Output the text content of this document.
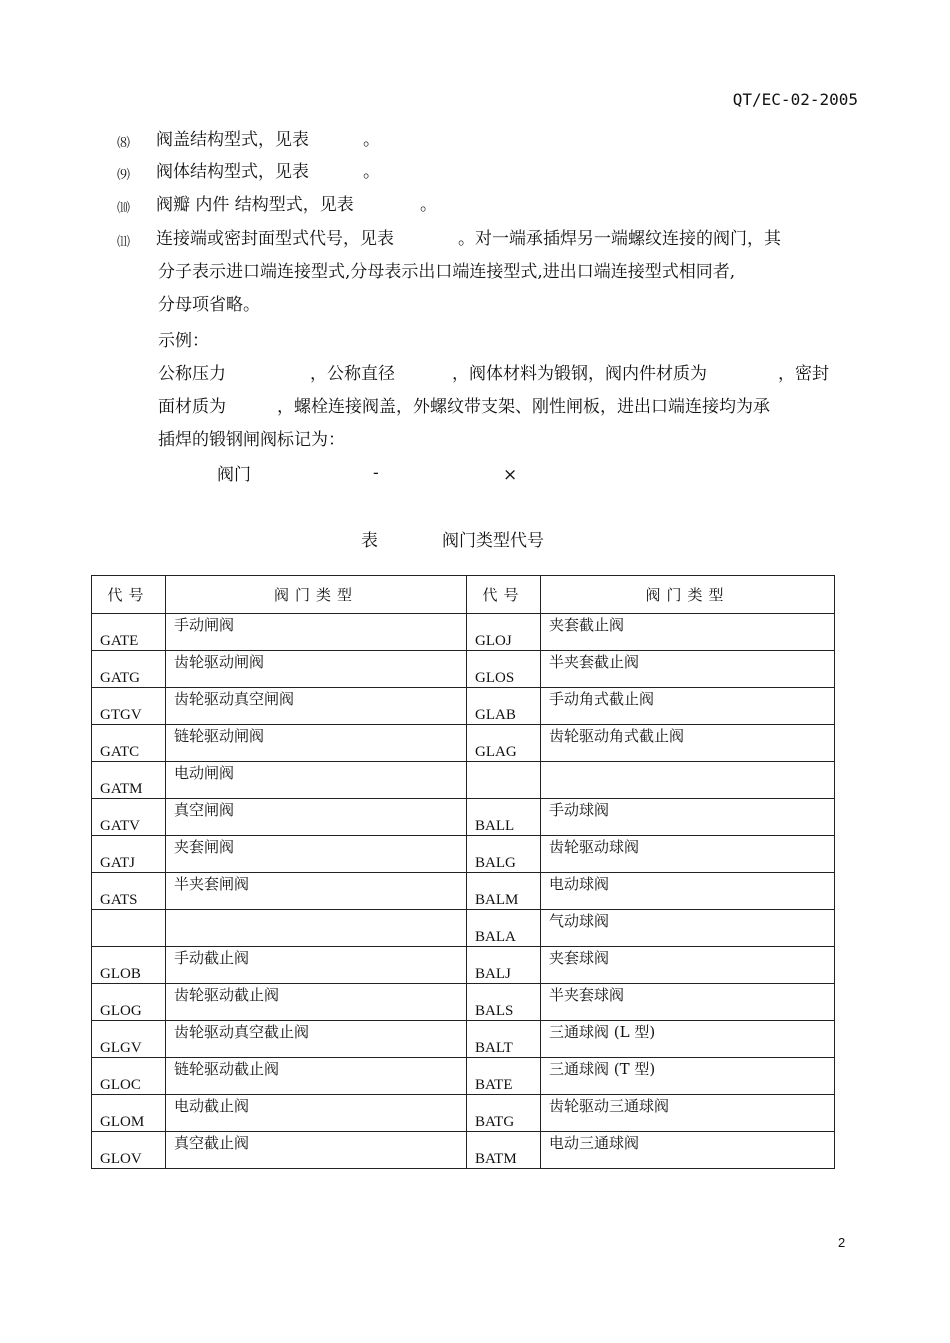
QT/EC-02-2005
⑻ 阀盖结构型式，见表	。
⑼ 阀体结构型式，见表	。
⑽ 阀瓣 内件 结构型式，见表	。
⑾ 连接端或密封面型式代号，见表	。对一端承插焊另一端螺纹连接的阀门，其
分子表示进口端连接型式,分母表示出口端连接型式,进出口端连接型式相同者,
分母项省略。
示例：
公称压力	，公称直径	，阀体材料为锻钢，阀内件材质为	，密封
面材质为	，螺栓连接阀盖，外螺纹带支架、刚性闸板，进出口端连接均为承
插焊的锻钢闸阀标记为：
阀门	-	×
表	阀门类型代号
代号	阀门类型	代号	阀门类型
GATE	手动闸阀	GLOJ	夹套截止阀
GATG	齿轮驱动闸阀	GLOS	半夹套截止阀
GTGV	齿轮驱动真空闸阀	GLAB	手动角式截止阀
GATC	链轮驱动闸阀	GLAG	齿轮驱动角式截止阀
GATM	电动闸阀		
GATV	真空闸阀	BALL	手动球阀
GATJ	夹套闸阀	BALG	齿轮驱动球阀
GATS	半夹套闸阀	BALM	电动球阀
		BALA	气动球阀
GLOB	手动截止阀	BALJ	夹套球阀
GLOG	齿轮驱动截止阀	BALS	半夹套球阀
GLGV	齿轮驱动真空截止阀	BALT	三通球阀 (L 型)
GLOC	链轮驱动截止阀	BATE	三通球阀 (T 型)
GLOM	电动截止阀	BATG	齿轮驱动三通球阀
GLOV	真空截止阀	BATM	电动三通球阀
2
